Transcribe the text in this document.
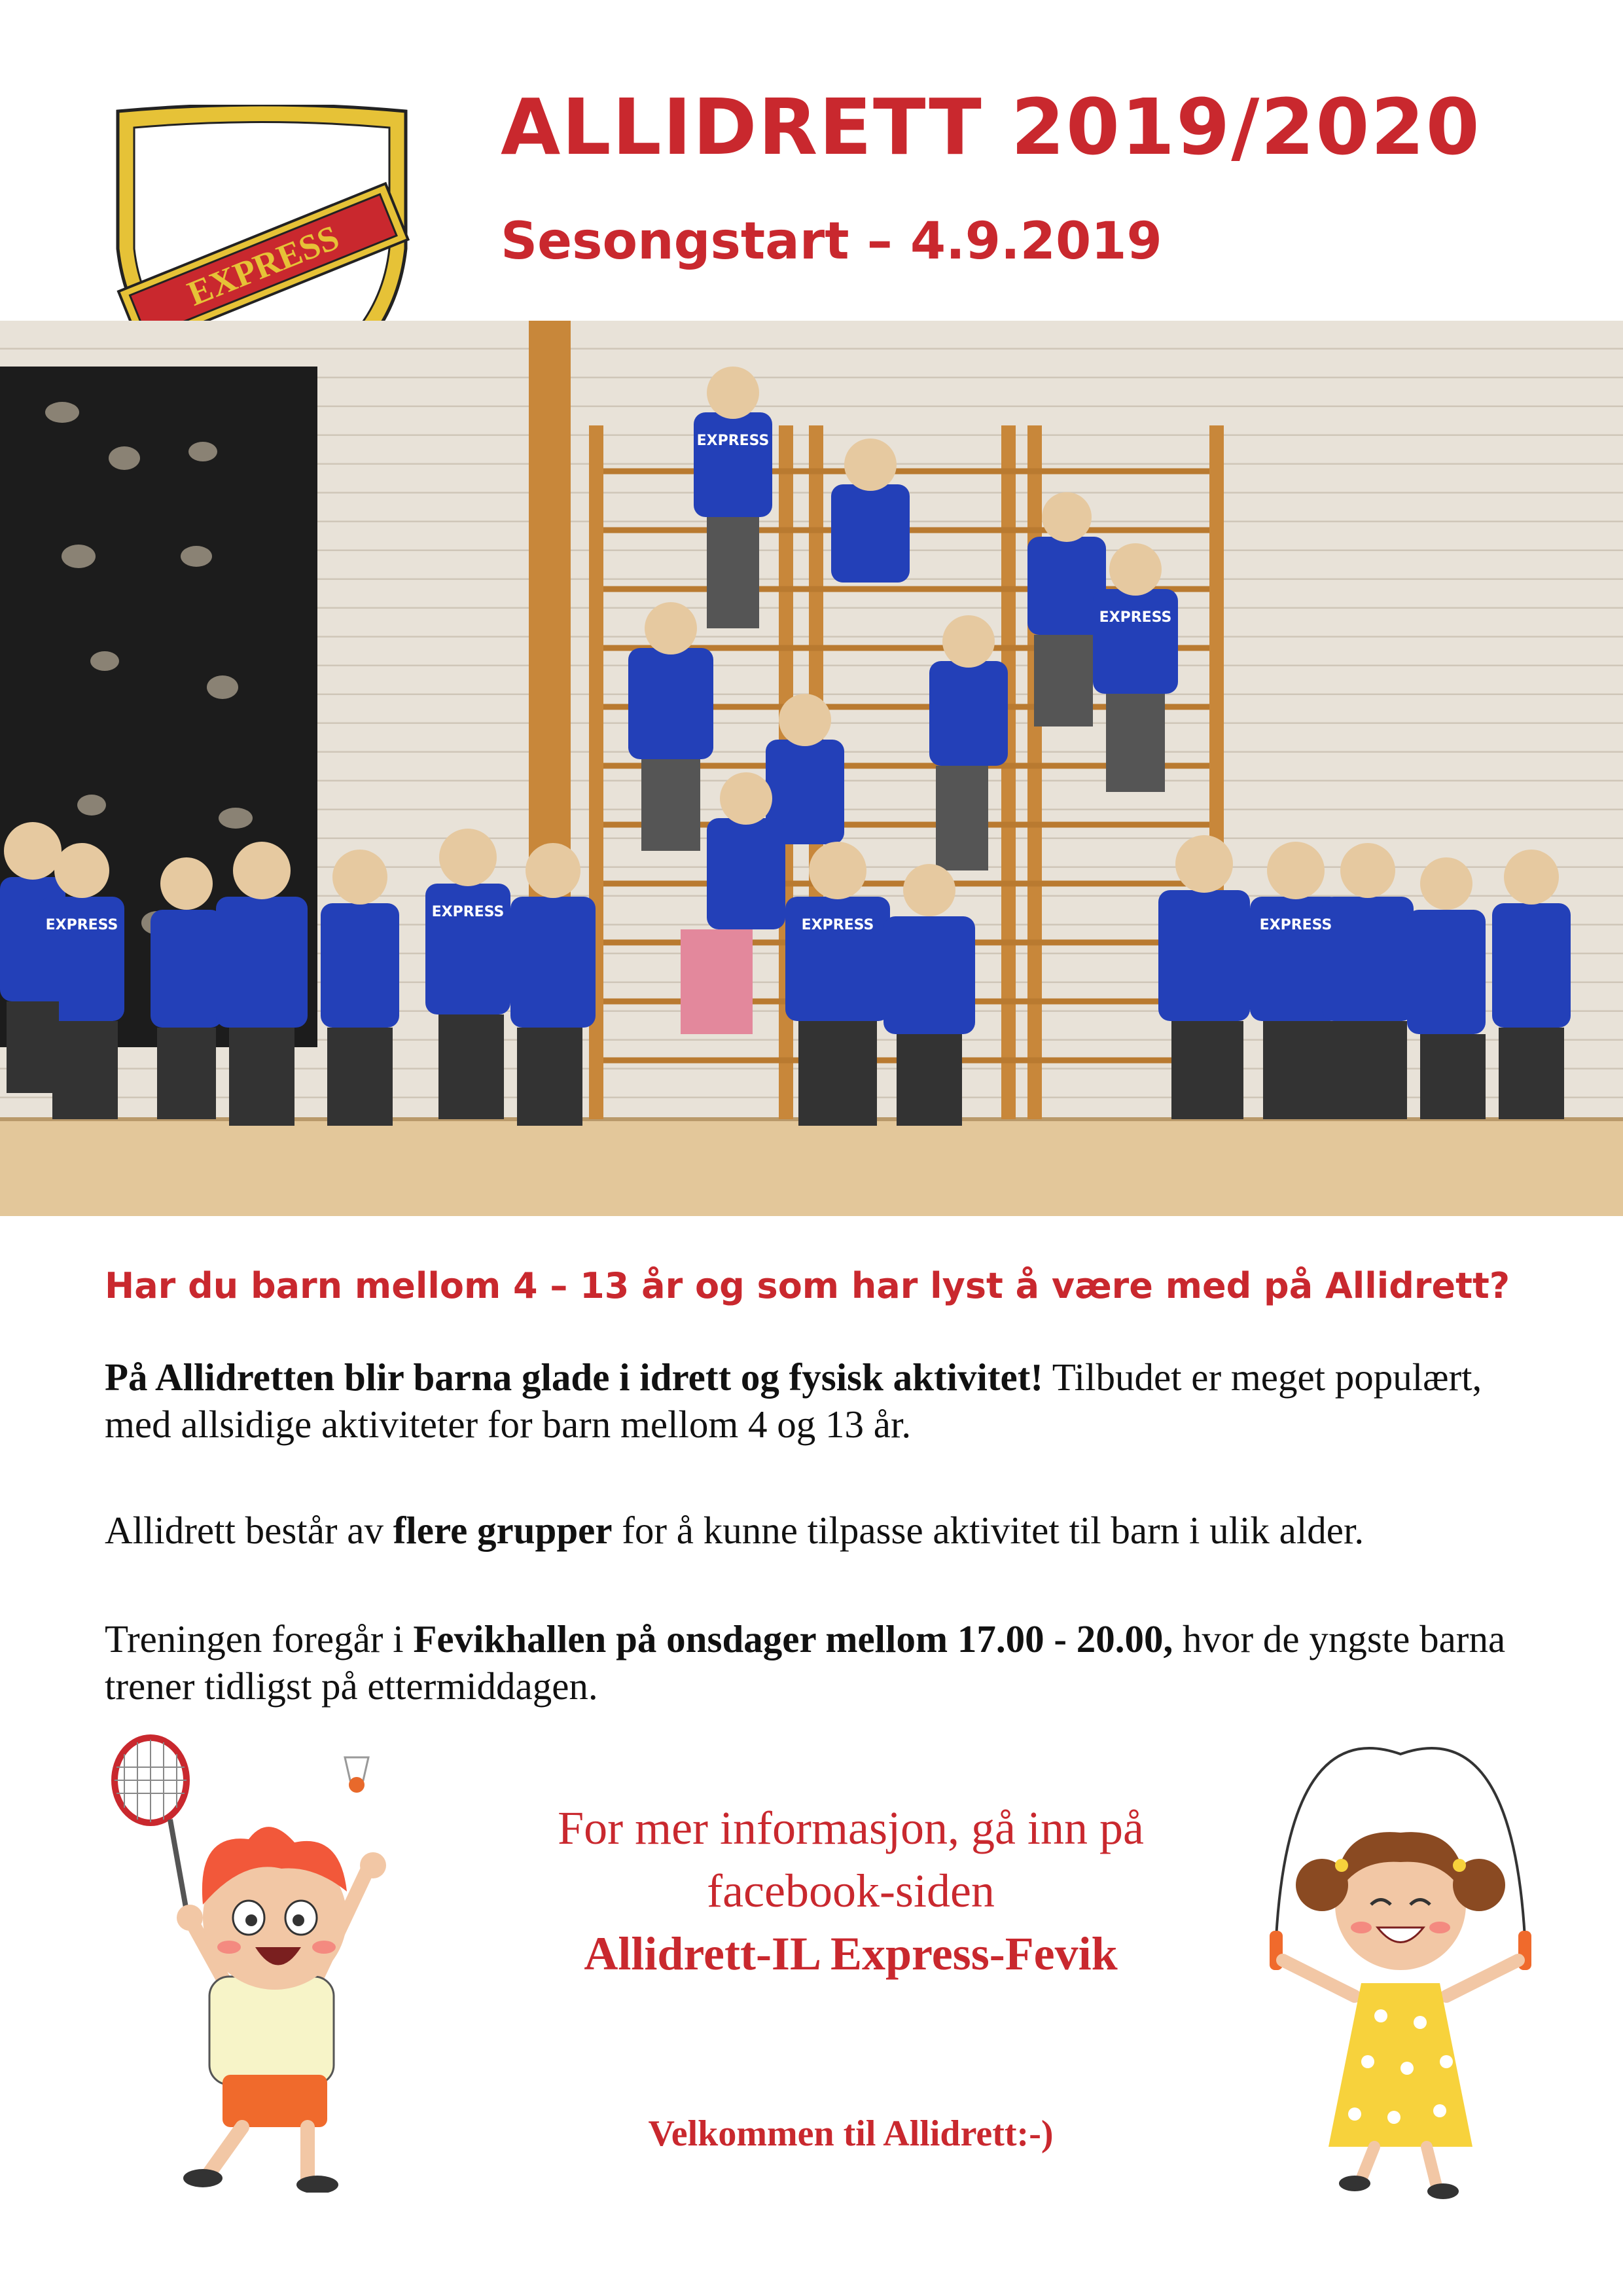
EXPRESS
ALLIDRETT 2019/2020
Sesongstart – 4.9.2019
EXPRESS
EXPRESS
EXPRESS	EXPRESS
EXPRESS
EXPRESS
Har du barn mellom 4 – 13 år og som har lyst å være med på Allidrett?

På Allidretten blir barna glade i idrett og fysisk aktivitet! Tilbudet er meget populært, med allsidige aktiviteter for barn mellom 4 og 13 år.

Allidrett består av flere grupper for å kunne tilpasse aktivitet til barn i ulik alder.

Treningen foregår i Fevikhallen på onsdager mellom 17.00 - 20.00, hvor de yngste barna trener tidligst på ettermiddagen.

For mer informasjon, gå inn på
facebook-siden
Allidrett-IL Express-Fevik
Velkommen til Allidrett:-)
